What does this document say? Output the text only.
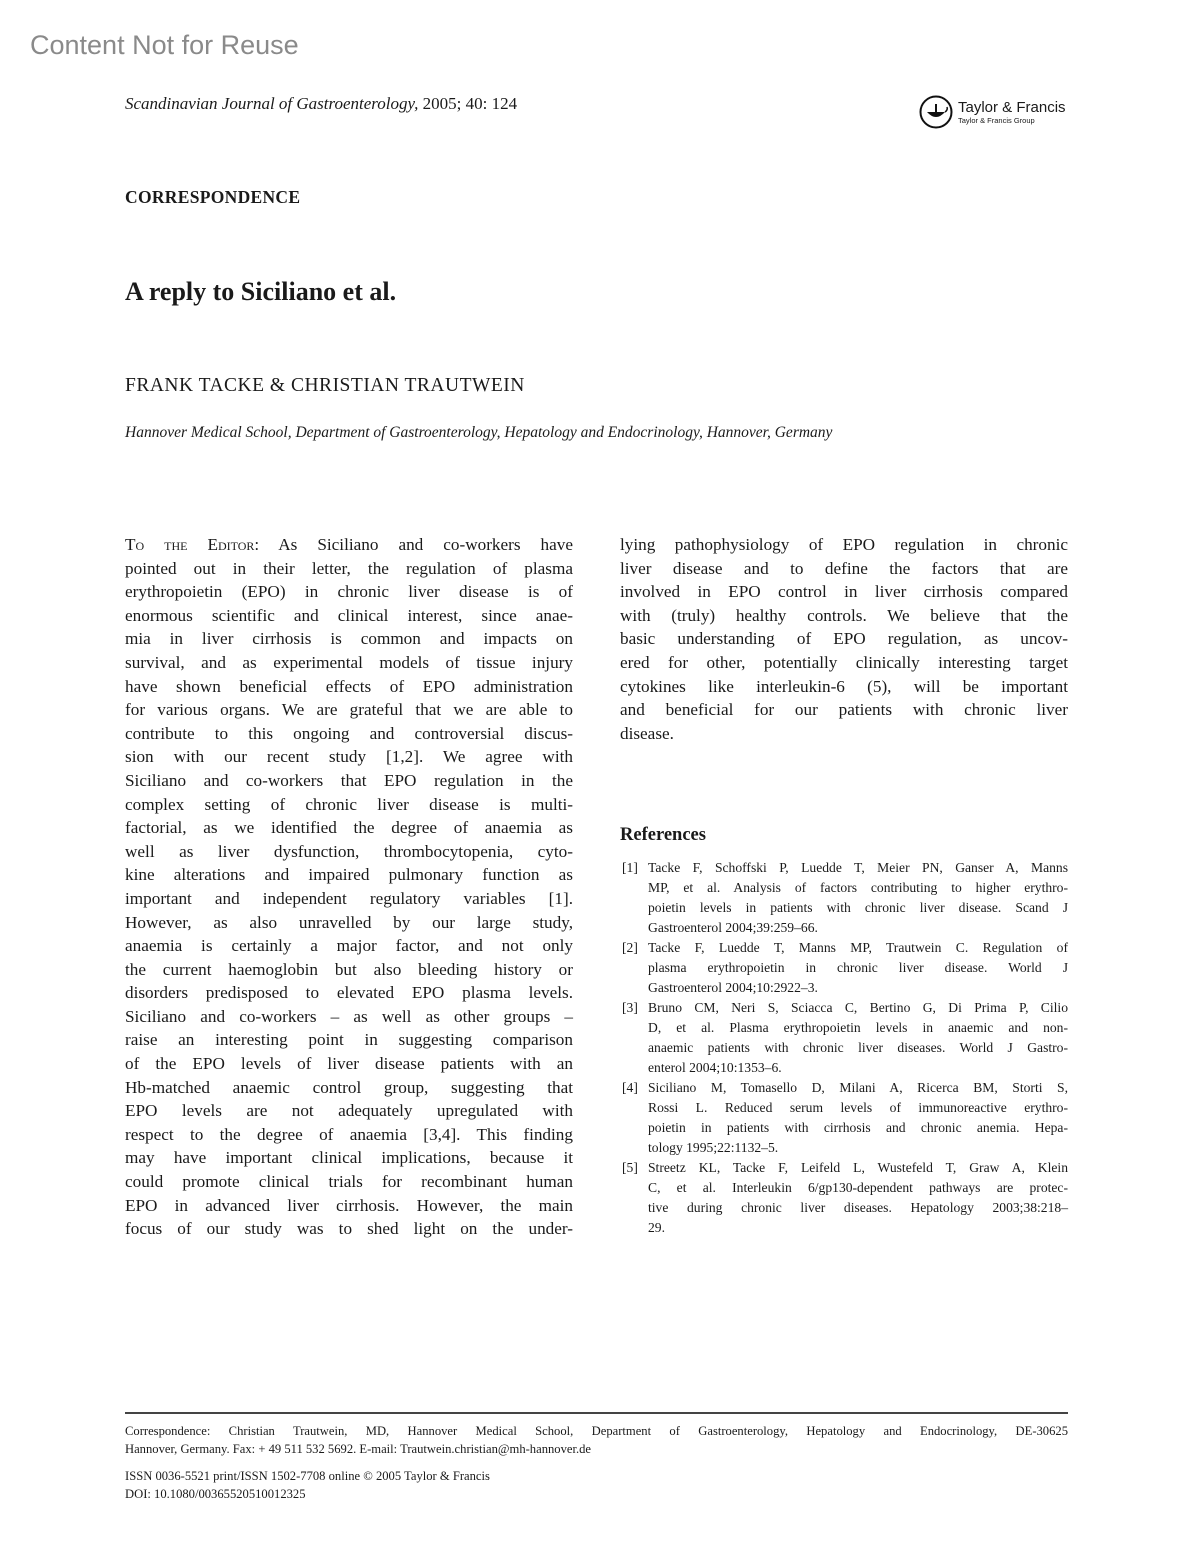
Content Not for Reuse
Scandinavian Journal of Gastroenterology, 2005; 40: 124	Taylor & Francis
Taylor & Francis Group
CORRESPONDENCE
A reply to Siciliano et al.
FRANK TACKE & CHRISTIAN TRAUTWEIN
Hannover Medical School, Department of Gastroenterology, Hepatology and Endocrinology, Hannover, Germany
To the Editor: As Siciliano and co-workers have
pointed out in their letter, the regulation of plasma
erythropoietin (EPO) in chronic liver disease is of
enormous scientific and clinical interest, since anae-
mia in liver cirrhosis is common and impacts on
survival, and as experimental models of tissue injury
have shown beneficial effects of EPO administration
for various organs. We are grateful that we are able to
contribute to this ongoing and controversial discus-
sion with our recent study [1,2]. We agree with
Siciliano and co-workers that EPO regulation in the
complex setting of chronic liver disease is multi-
factorial, as we identified the degree of anaemia as
well as liver dysfunction, thrombocytopenia, cyto-
kine alterations and impaired pulmonary function as
important and independent regulatory variables [1].
However, as also unravelled by our large study,
anaemia is certainly a major factor, and not only
the current haemoglobin but also bleeding history or
disorders predisposed to elevated EPO plasma levels.
Siciliano and co-workers – as well as other groups –
raise an interesting point in suggesting comparison
of the EPO levels of liver disease patients with an
Hb-matched anaemic control group, suggesting that
EPO levels are not adequately upregulated with
respect to the degree of anaemia [3,4]. This finding
may have important clinical implications, because it
could promote clinical trials for recombinant human
EPO in advanced liver cirrhosis. However, the main
focus of our study was to shed light on the under-
lying pathophysiology of EPO regulation in chronic
liver disease and to define the factors that are
involved in EPO control in liver cirrhosis compared
with (truly) healthy controls. We believe that the
basic understanding of EPO regulation, as uncov-
ered for other, potentially clinically interesting target
cytokines like interleukin-6 (5), will be important
and beneficial for our patients with chronic liver
disease.
References
[1] Tacke F, Schoffski P, Luedde T, Meier PN, Ganser A, Manns
MP, et al. Analysis of factors contributing to higher erythro-
poietin levels in patients with chronic liver disease. Scand J
Gastroenterol 2004;39:259–66.
[2] Tacke F, Luedde T, Manns MP, Trautwein C. Regulation of
plasma erythropoietin in chronic liver disease. World J
Gastroenterol 2004;10:2922–3.
[3] Bruno CM, Neri S, Sciacca C, Bertino G, Di Prima P, Cilio
D, et al. Plasma erythropoietin levels in anaemic and non-
anaemic patients with chronic liver diseases. World J Gastro-
enterol 2004;10:1353–6.
[4] Siciliano M, Tomasello D, Milani A, Ricerca BM, Storti S,
Rossi L. Reduced serum levels of immunoreactive erythro-
poietin in patients with cirrhosis and chronic anemia. Hepa-
tology 1995;22:1132–5.
[5] Streetz KL, Tacke F, Leifeld L, Wustefeld T, Graw A, Klein
C, et al. Interleukin 6/gp130-dependent pathways are protec-
tive during chronic liver diseases. Hepatology 2003;38:218–
29.
Correspondence: Christian Trautwein, MD, Hannover Medical School, Department of Gastroenterology, Hepatology and Endocrinology, DE-30625
Hannover, Germany. Fax: + 49 511 532 5692. E-mail: Trautwein.christian@mh-hannover.de
ISSN 0036-5521 print/ISSN 1502-7708 online © 2005 Taylor & Francis
DOI: 10.1080/00365520510012325
